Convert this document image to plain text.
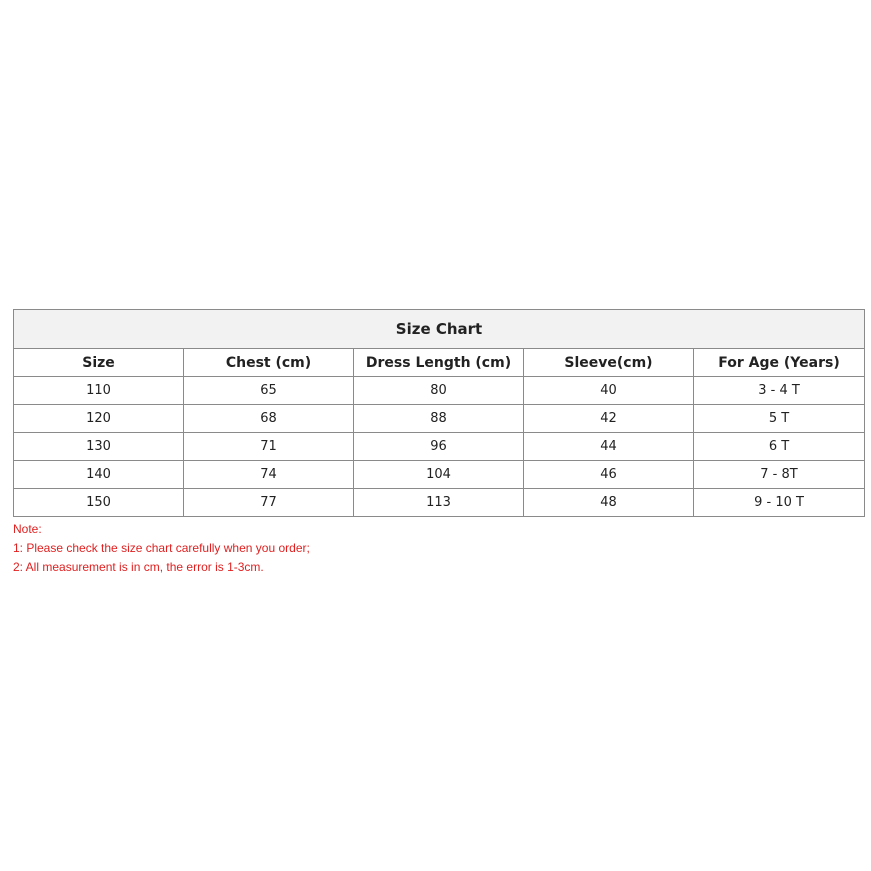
Size Chart				
Size	Chest (cm)	Dress Length (cm)	Sleeve(cm)	For Age (Years)
110	65	80	40	3 - 4 T
120	68	88	42	5 T
130	71	96	44	6 T
140	74	104	46	7 - 8T
150	77	113	48	9 - 10 T
Note:
1: Please check the size chart carefully when you order;
2: All measurement is in cm, the error is 1-3cm.
